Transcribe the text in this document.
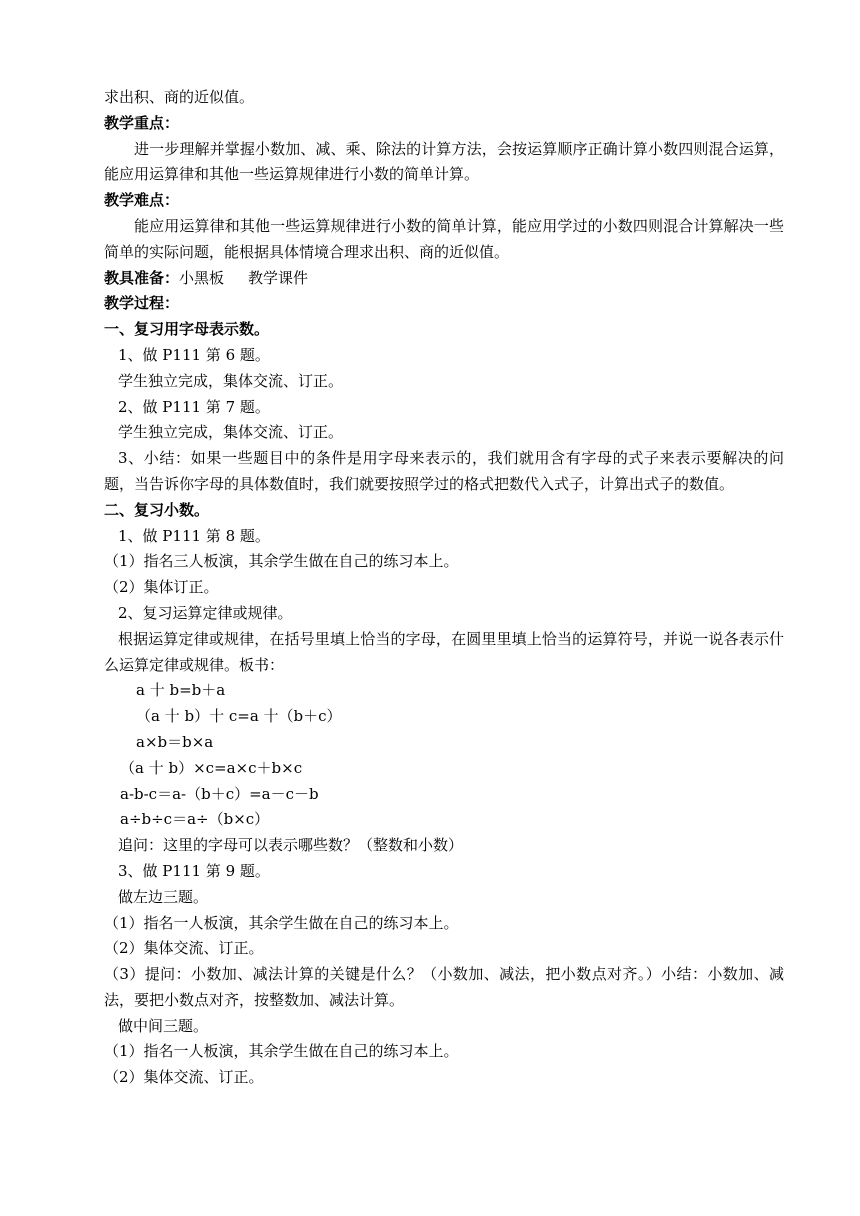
求出积、商的近似值。
教学重点：
进一步理解并掌握小数加、减、乘、除法的计算方法，会按运算顺序正确计算小数四则混合运算，能应用运算律和其他一些运算规律进行小数的简单计算。
教学难点：
能应用运算律和其他一些运算规律进行小数的简单计算，能应用学过的小数四则混合计算解决一些简单的实际问题，能根据具体情境合理求出积、商的近似值。
教具准备：小黑板 教学课件
教学过程：
一、复习用字母表示数。
1、做 P111 第 6 题。
学生独立完成，集体交流、订正。
2、做 P111 第 7 题。
学生独立完成，集体交流、订正。
3、小结：如果一些题目中的条件是用字母来表示的，我们就用含有字母的式子来表示要解决的问题，当告诉你字母的具体数值时，我们就要按照学过的格式把数代入式子，计算出式子的数值。
二、复习小数。
1、做 P111 第 8 题。
（1）指名三人板演，其余学生做在自己的练习本上。
（2）集体订正。
2、复习运算定律或规律。
根据运算定律或规律，在括号里填上恰当的字母，在圆里里填上恰当的运算符号，并说一说各表示什么运算定律或规律。板书：
a 十 b=b＋a
（a 十 b）十 c=a 十（b＋c）
a×b＝b×a
（a 十 b）×c=a×c＋b×c
a-b-c＝a-（b＋c）=a－c－b
a÷b÷c＝a÷（b×c）
追问：这里的字母可以表示哪些数？（整数和小数）
3、做 P111 第 9 题。
做左边三题。
（1）指名一人板演，其余学生做在自己的练习本上。
（2）集体交流、订正。
（3）提问：小数加、减法计算的关键是什么？（小数加、减法，把小数点对齐。）小结：小数加、减法，要把小数点对齐，按整数加、减法计算。
做中间三题。
（1）指名一人板演，其余学生做在自己的练习本上。
（2）集体交流、订正。
